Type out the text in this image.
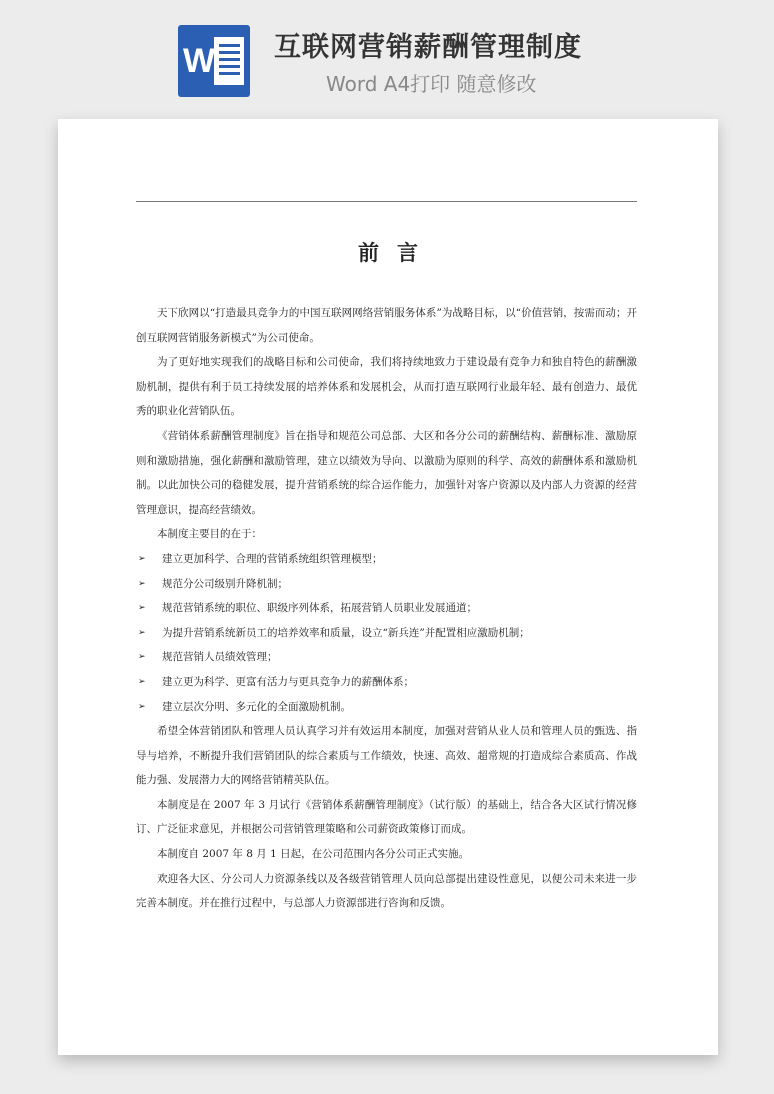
W 互联网营销薪酬管理制度
Word A4打印 随意修改
前言

天下欣网以“打造最具竞争力的中国互联网网络营销服务体系”为战略目标，以“价值营销，按需而动；开创互联网营销服务新模式”为公司使命。

为了更好地实现我们的战略目标和公司使命，我们将持续地致力于建设最有竞争力和独自特色的薪酬激励机制，提供有利于员工持续发展的培养体系和发展机会，从而打造互联网行业最年轻、最有创造力、最优秀的职业化营销队伍。

《营销体系薪酬管理制度》旨在指导和规范公司总部、大区和各分公司的薪酬结构、薪酬标准、激励原则和激励措施，强化薪酬和激励管理，建立以绩效为导向、以激励为原则的科学、高效的薪酬体系和激励机制。以此加快公司的稳健发展，提升营销系统的综合运作能力，加强针对客户资源以及内部人力资源的经营管理意识，提高经营绩效。

本制度主要目的在于：

➢ 建立更加科学、合理的营销系统组织管理模型；
➢ 规范分公司级别升降机制；
➢ 规范营销系统的职位、职级序列体系，拓展营销人员职业发展通道；
➢ 为提升营销系统新员工的培养效率和质量，设立“新兵连”并配置相应激励机制；
➢ 规范营销人员绩效管理；
➢ 建立更为科学、更富有活力与更具竞争力的薪酬体系；
➢ 建立层次分明、多元化的全面激励机制。

希望全体营销团队和管理人员认真学习并有效运用本制度，加强对营销从业人员和管理人员的甄选、指导与培养，不断提升我们营销团队的综合素质与工作绩效，快速、高效、超常规的打造成综合素质高、作战能力强、发展潜力大的网络营销精英队伍。

本制度是在 2007 年 3 月试行《营销体系薪酬管理制度》（试行版）的基础上，结合各大区试行情况修订、广泛征求意见，并根据公司营销管理策略和公司薪资政策修订而成。

本制度自 2007 年 8 月 1 日起，在公司范围内各分公司正式实施。

欢迎各大区、分公司人力资源条线以及各级营销管理人员向总部提出建设性意见，以便公司未来进一步完善本制度。并在推行过程中，与总部人力资源部进行咨询和反馈。
